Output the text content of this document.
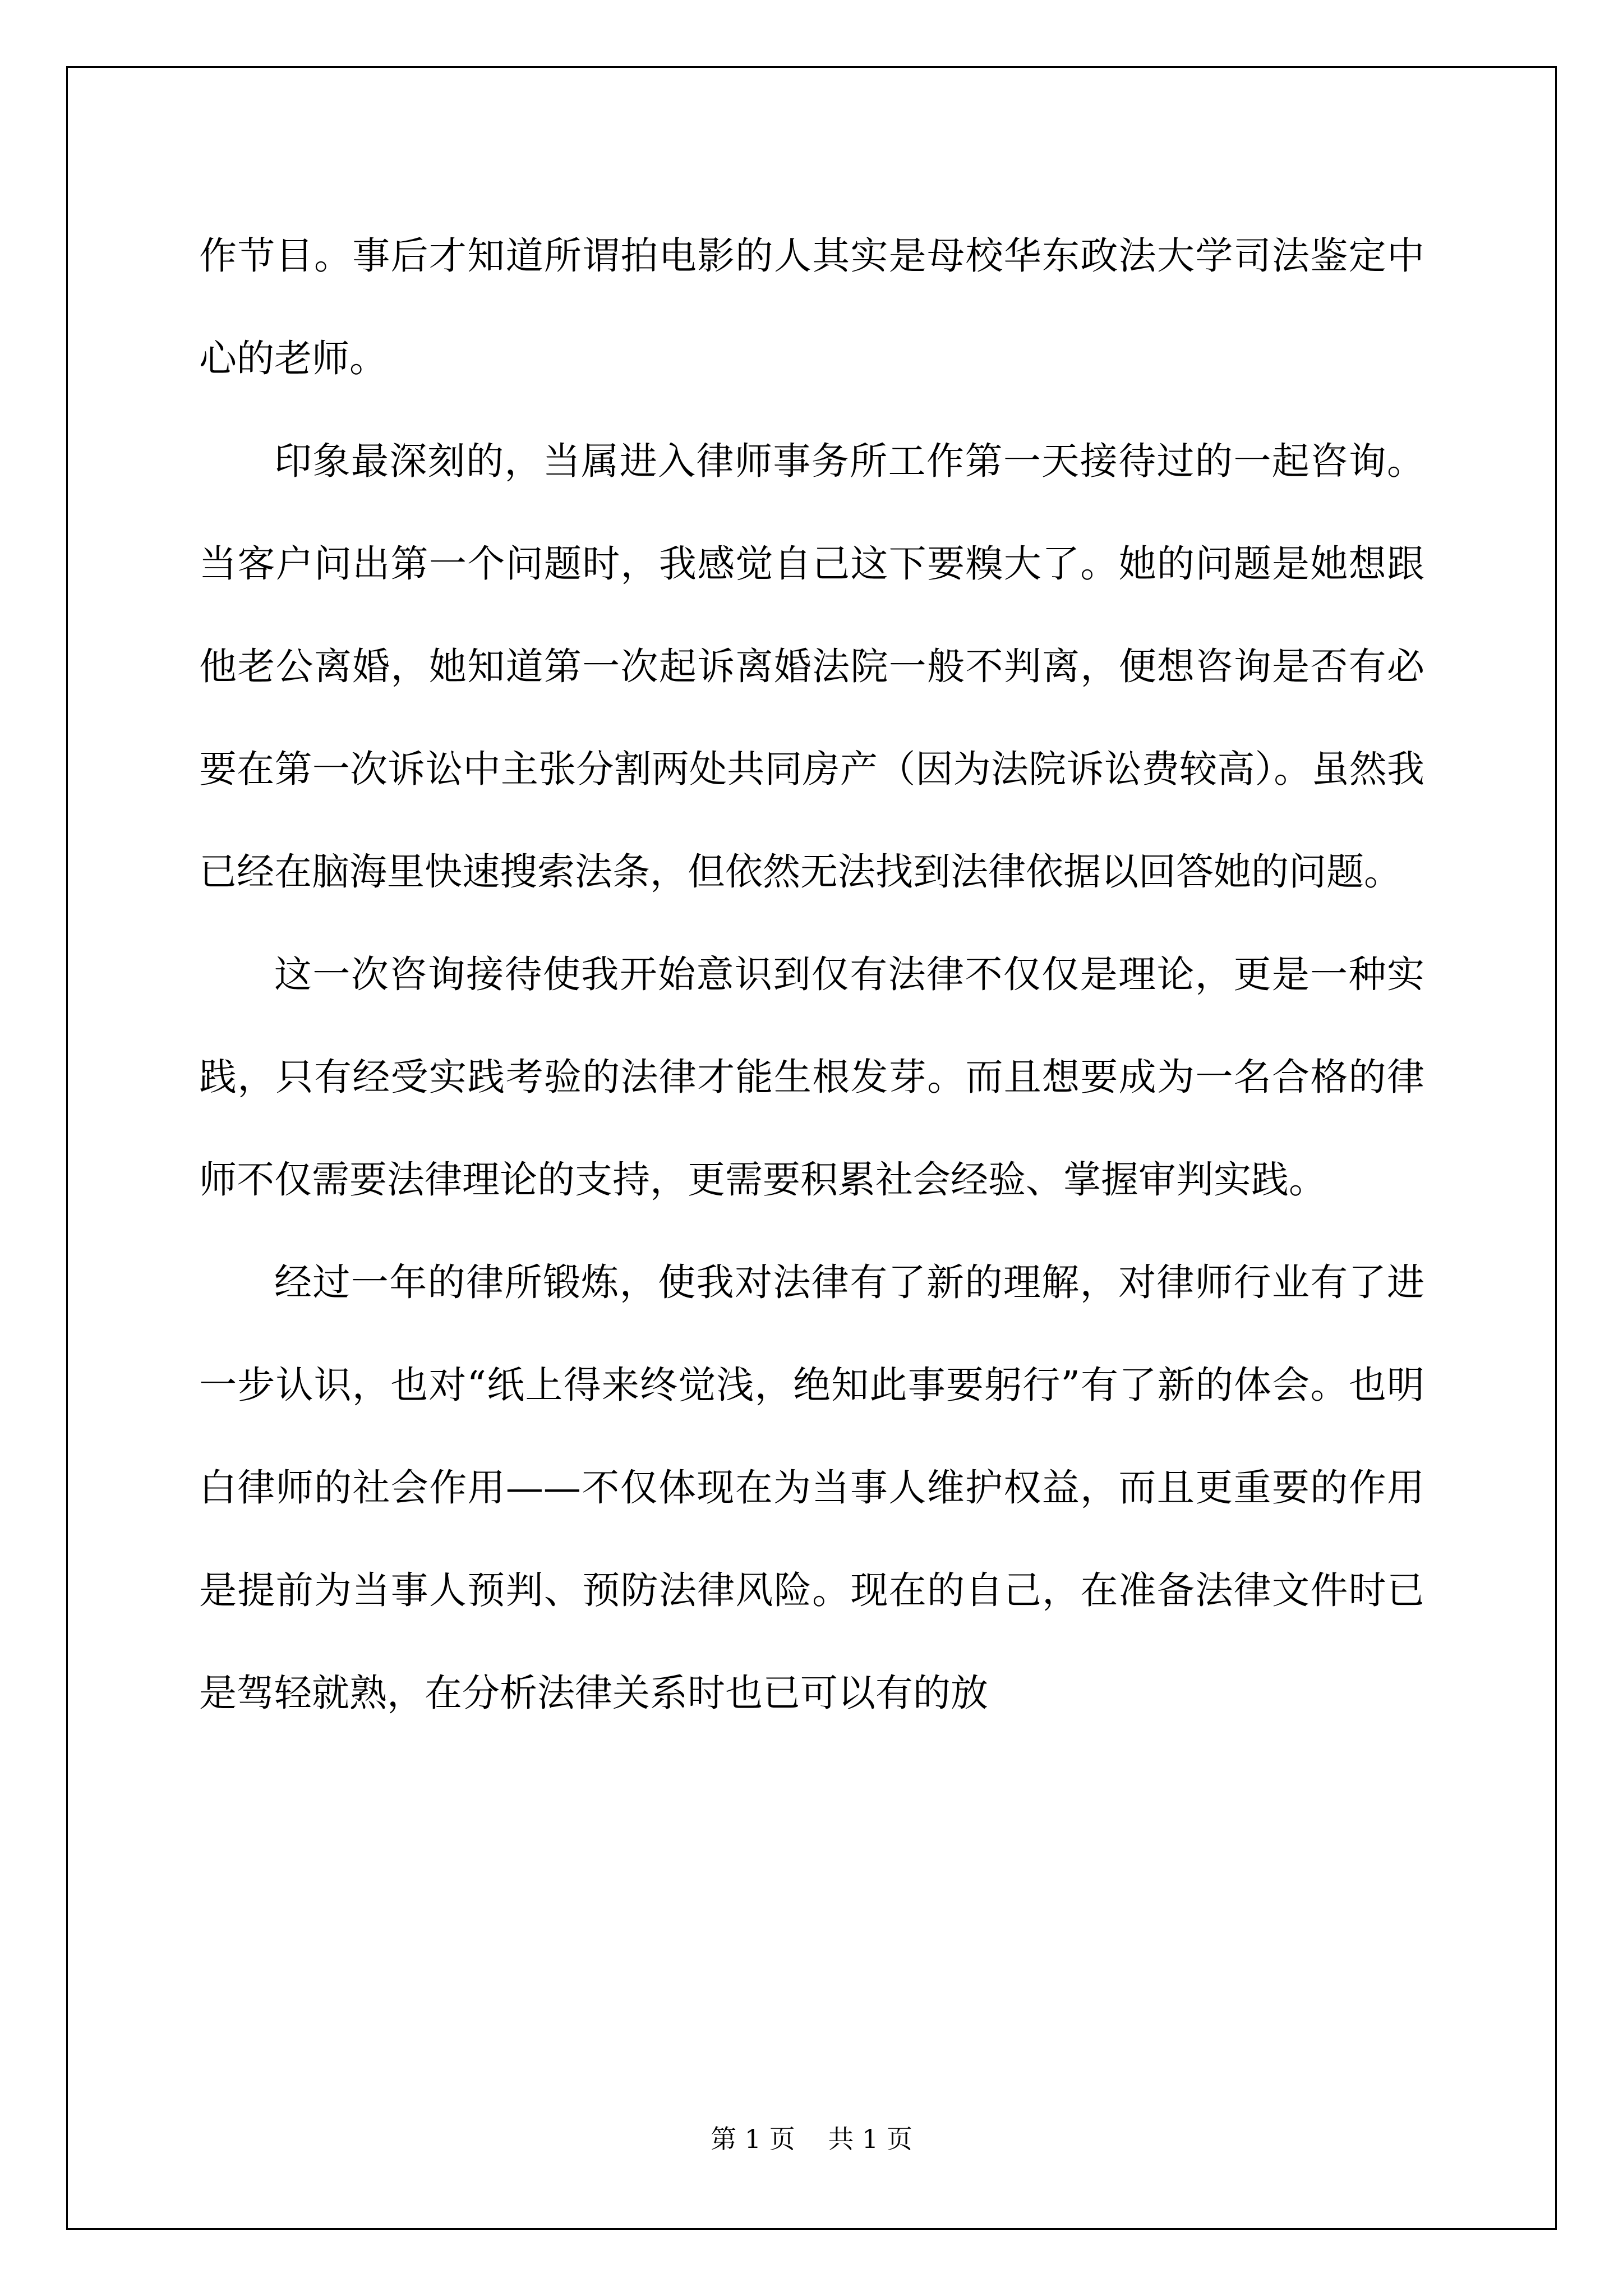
作节目。事后才知道所谓拍电影的人其实是母校华东政法大学司法鉴定中心的老师。

印象最深刻的，当属进入律师事务所工作第一天接待过的一起咨询。当客户问出第一个问题时，我感觉自己这下要糗大了。她的问题是她想跟他老公离婚，她知道第一次起诉离婚法院一般不判离，便想咨询是否有必要在第一次诉讼中主张分割两处共同房产（因为法院诉讼费较高）。虽然我已经在脑海里快速搜索法条，但依然无法找到法律依据以回答她的问题。

这一次咨询接待使我开始意识到仅有法律不仅仅是理论，更是一种实践，只有经受实践考验的法律才能生根发芽。而且想要成为一名合格的律师不仅需要法律理论的支持，更需要积累社会经验、掌握审判实践。

经过一年的律所锻炼，使我对法律有了新的理解，对律师行业有了进一步认识，也对“纸上得来终觉浅，绝知此事要躬行”有了新的体会。也明白律师的社会作用——不仅体现在为当事人维护权益，而且更重要的作用是提前为当事人预判、预防法律风险。现在的自己，在准备法律文件时已是驾轻就熟，在分析法律关系时也已可以有的放

第 1 页 共 1 页
